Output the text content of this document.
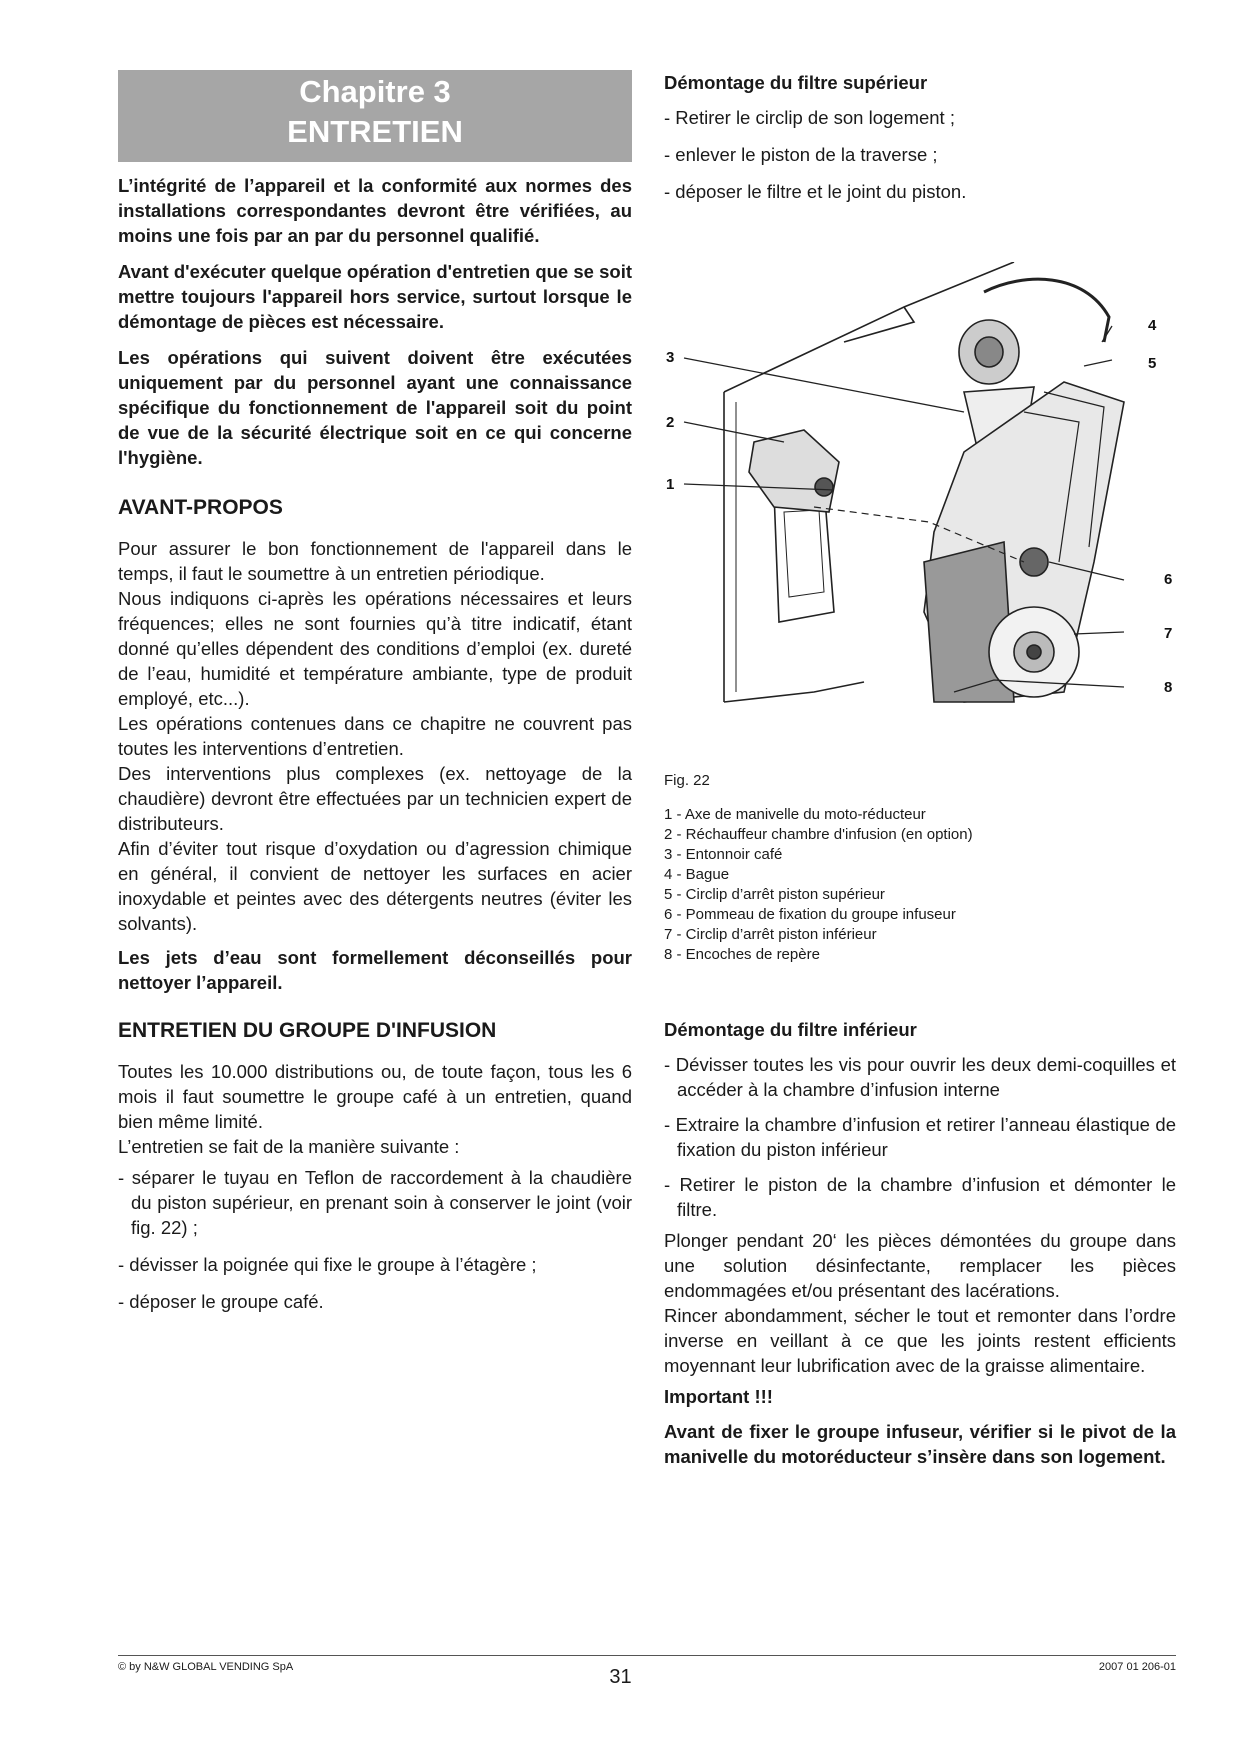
Chapitre 3
ENTRETIEN

L’intégrité de l’appareil et la conformité aux normes des installations correspondantes devront être vérifiées, au moins une fois par an par du personnel qualifié.

Avant d'exécuter quelque opération d'entretien que se soit mettre toujours l'appareil hors service, surtout lorsque le démontage de pièces est nécessaire.

Les opérations qui suivent doivent être exécutées uniquement par du personnel ayant une connaissance spécifique du fonctionnement de l'appareil soit du point de vue de la sécurité électrique soit en ce qui concerne l'hygiène.

AVANT-PROPOS

Pour assurer le bon fonctionnement de l'appareil dans le temps, il faut le soumettre à un entretien périodique.

Nous indiquons ci-après les opérations nécessaires et leurs fréquences; elles ne sont fournies qu’à titre indicatif, étant donné qu’elles dépendent des conditions d’emploi (ex. dureté de l’eau, humidité et température ambiante, type de produit employé, etc...).

Les opérations contenues dans ce chapitre ne couvrent pas toutes les interventions d’entretien.

Des interventions plus complexes (ex. nettoyage de la chaudière) devront être effectuées par un technicien expert de distributeurs.

Afin d’éviter tout risque d’oxydation ou d’agression chimique en général, il convient de nettoyer les surfaces en acier inoxydable et peintes avec des détergents neutres (éviter les solvants).

Les jets d’eau sont formellement déconseillés pour nettoyer l’appareil.

ENTRETIEN DU GROUPE D'INFUSION

Toutes les 10.000 distributions ou, de toute façon, tous les 6 mois il faut soumettre le groupe café à un entretien, quand bien même limité.

L’entretien se fait de la manière suivante :

- séparer le tuyau en Teflon de raccordement à la chaudière du piston supérieur, en prenant soin à conserver le joint (voir fig. 22) ;

- dévisser la poignée qui fixe le groupe à l’étagère ;

- déposer le groupe café.

Démontage du filtre supérieur

- Retirer le circlip de son logement ;

- enlever le piston de la traverse ;

- déposer le filtre et le joint du piston.

1
2
3
4
5
6
7
8

Fig. 22

1 - Axe de manivelle du moto-réducteur

2 - Réchauffeur chambre d'infusion (en option)

3 - Entonnoir café

4 - Bague

5 - Circlip d’arrêt piston supérieur

6 - Pommeau de fixation du groupe infuseur

7 - Circlip d’arrêt piston inférieur

8 - Encoches de repère

Démontage du filtre inférieur

- Dévisser toutes les vis pour ouvrir les deux demi-coquilles et accéder à la chambre d’infusion interne

- Extraire la chambre d’infusion et retirer l’anneau élastique de fixation du piston inférieur

- Retirer le piston de la chambre d’infusion et démonter le filtre.

Plonger pendant 20‘ les pièces démontées du groupe dans une solution désinfectante, remplacer les pièces endommagées et/ou présentant des lacérations.

Rincer abondamment, sécher le tout et remonter dans l’ordre inverse en veillant à ce que les joints restent efficients moyennant leur lubrification avec de la graisse alimentaire.

Important !!!

Avant de fixer le groupe infuseur, vérifier si le pivot de la manivelle du motoréducteur s’insère dans son logement.

© by N&W GLOBAL VENDING SpA	31	2007 01 206-01
